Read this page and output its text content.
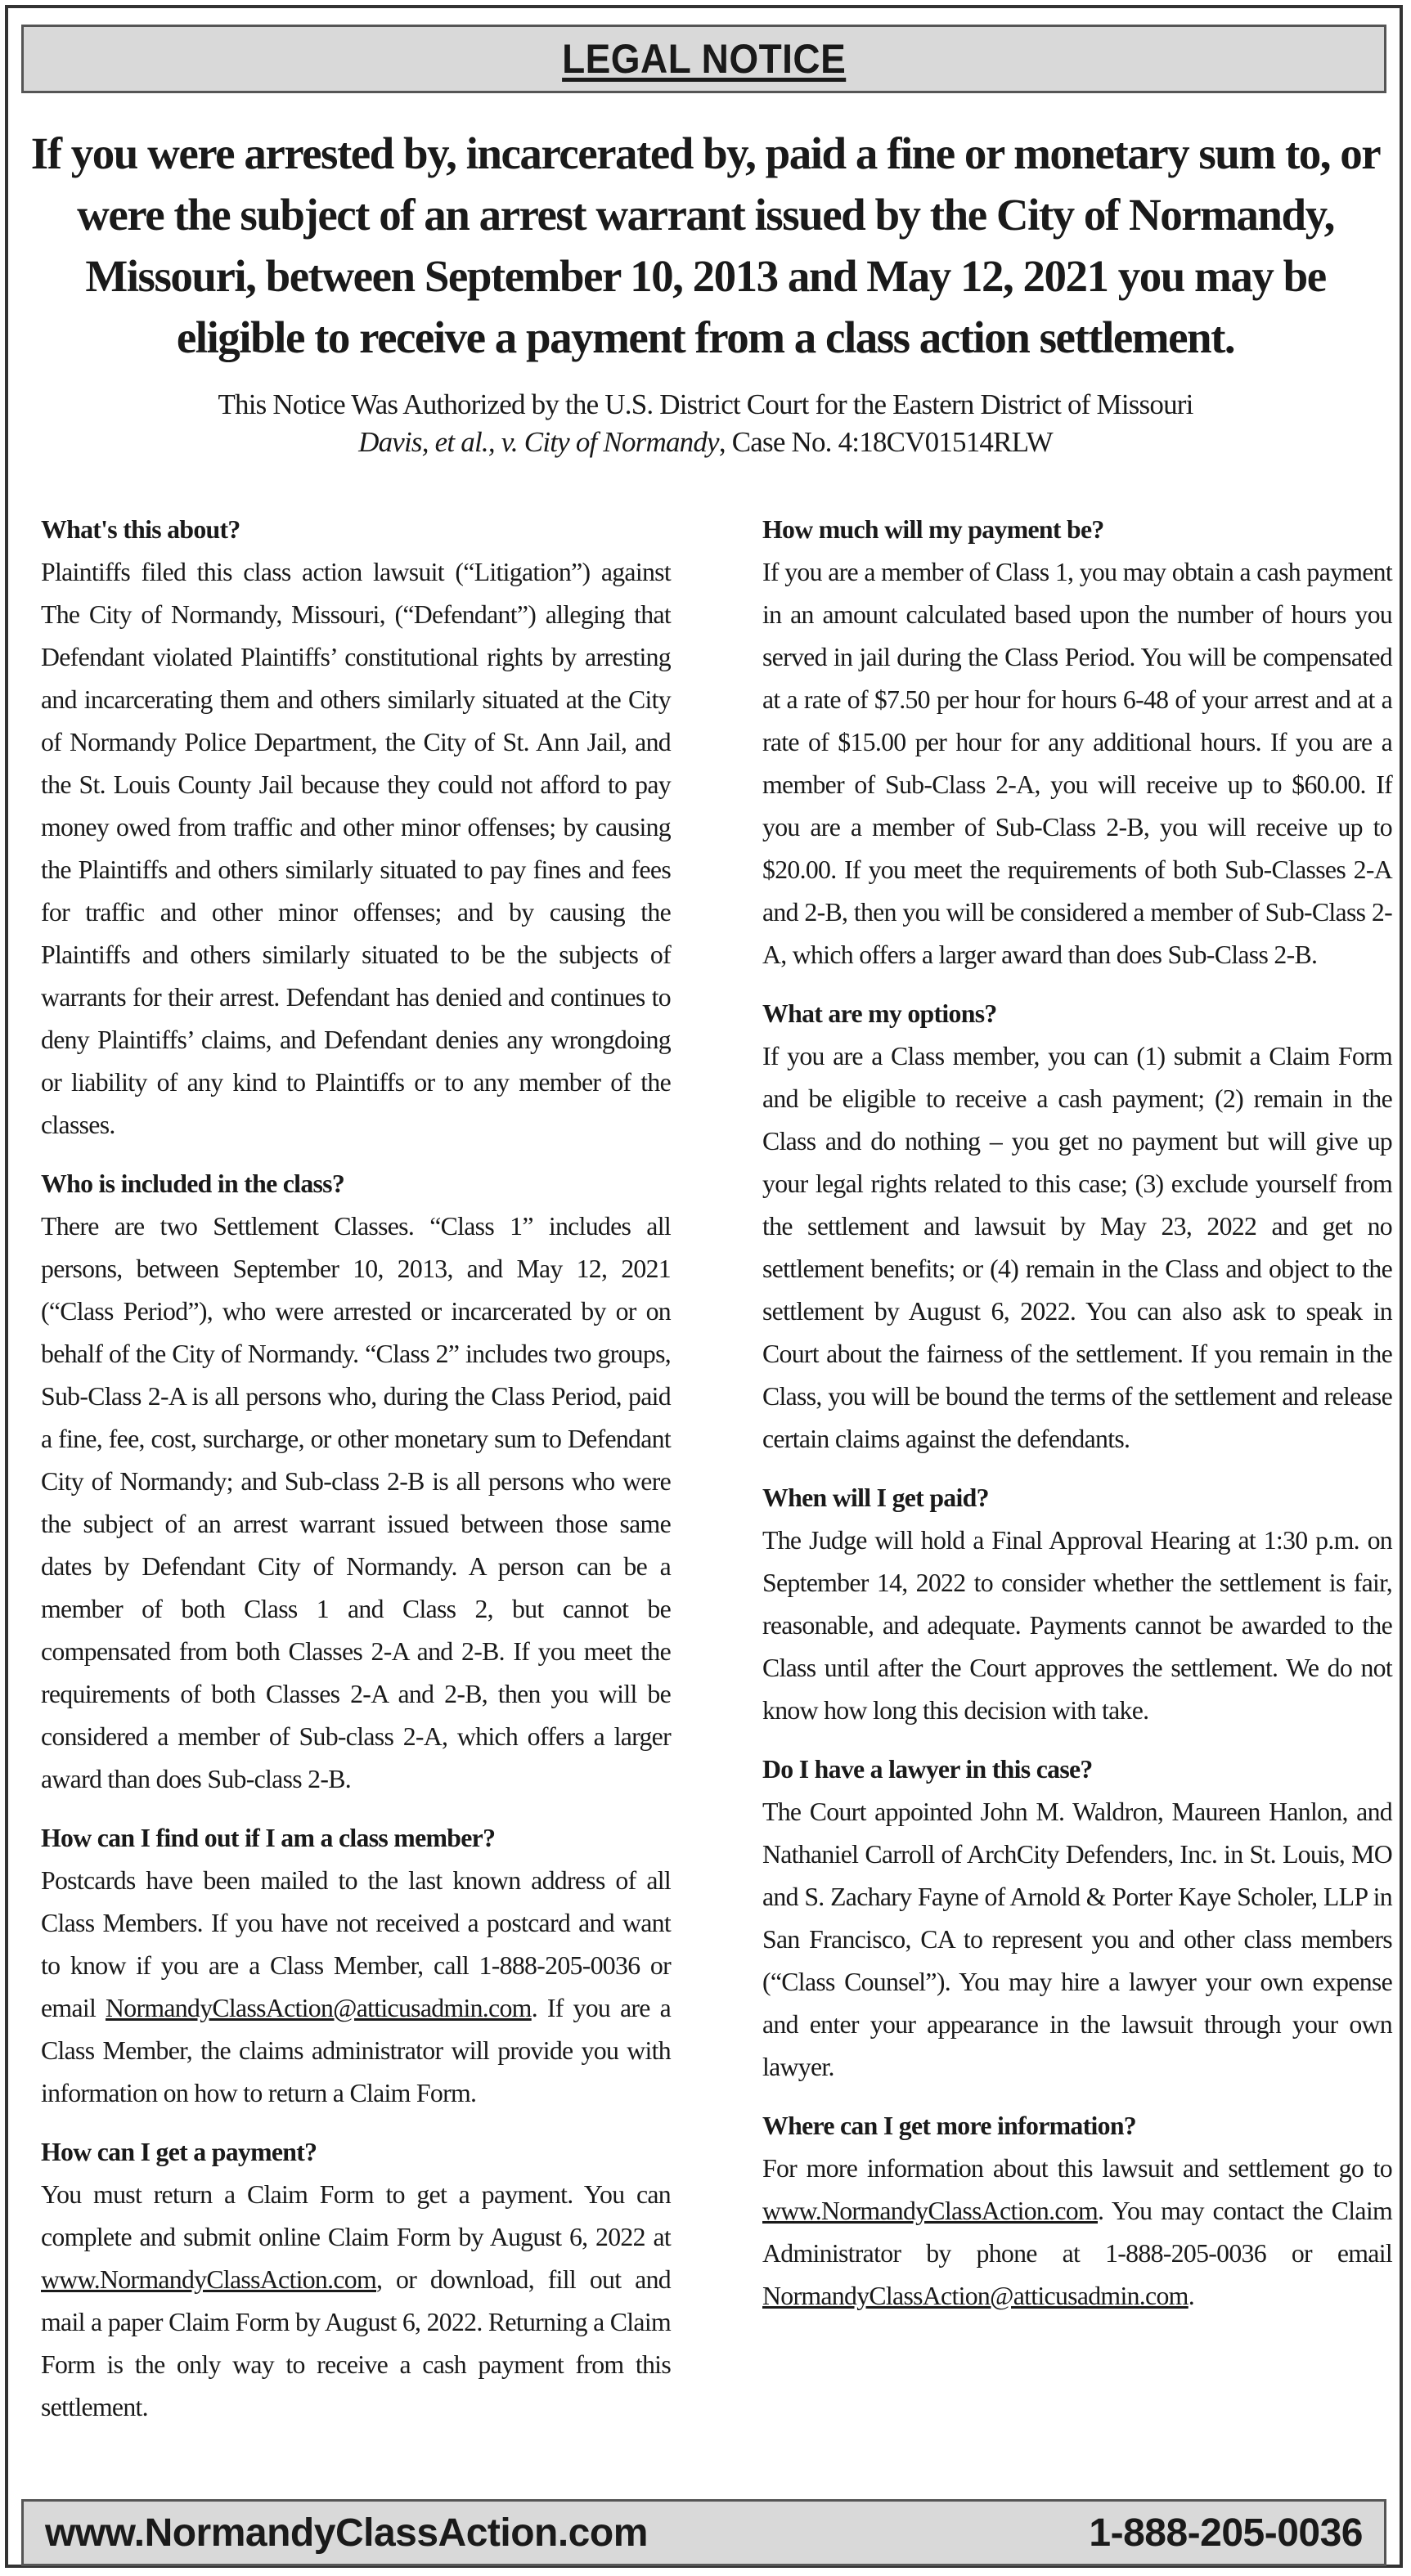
LEGAL NOTICE
If you were arrested by, incarcerated by, paid a fine or monetary sum to, or were the subject of an arrest warrant issued by the City of Normandy, Missouri, between September 10, 2013 and May 12, 2021 you may be eligible to receive a payment from a class action settlement.
This Notice Was Authorized by the U.S. District Court for the Eastern District of Missouri
Davis, et al., v. City of Normandy, Case No. 4:18CV01514RLW
What's this about?

Plaintiffs filed this class action lawsuit (“Litigation”) against The City of Normandy, Missouri, (“Defendant”) alleging that Defendant violated Plaintiffs’ constitutional rights by arresting and incarcerating them and others similarly situated at the City of Normandy Police Department, the City of St. Ann Jail, and the St. Louis County Jail because they could not afford to pay money owed from traffic and other minor offenses; by causing the Plaintiffs and others similarly situated to pay fines and fees for traffic and other minor offenses; and by causing the Plaintiffs and others similarly situated to be the subjects of warrants for their arrest. Defendant has denied and continues to deny Plaintiffs’ claims, and Defendant denies any wrongdoing or liability of any kind to Plaintiffs or to any member of the classes.

Who is included in the class?

There are two Settlement Classes. “Class 1” includes all persons, between September 10, 2013, and May 12, 2021 (“Class Period”), who were arrested or incarcerated by or on behalf of the City of Normandy. “Class 2” includes two groups, Sub-Class 2-A is all persons who, during the Class Period, paid a fine, fee, cost, surcharge, or other monetary sum to Defendant City of Normandy; and Sub-class 2-B is all persons who were the subject of an arrest warrant issued between those same dates by Defendant City of Normandy. A person can be a member of both Class 1 and Class 2, but cannot be compensated from both Classes 2-A and 2-B. If you meet the requirements of both Classes 2-A and 2-B, then you will be considered a member of Sub-class 2-A, which offers a larger award than does Sub-class 2-B.

How can I find out if I am a class member?

Postcards have been mailed to the last known address of all Class Members. If you have not received a postcard and want to know if you are a Class Member, call 1-888-205-0036 or email NormandyClassAction@atticusadmin.com. If you are a Class Member, the claims administrator will provide you with information on how to return a Claim Form.

How can I get a payment?

You must return a Claim Form to get a payment. You can complete and submit online Claim Form by August 6, 2022 at www.NormandyClassAction.com, or download, fill out and mail a paper Claim Form by August 6, 2022. Returning a Claim Form is the only way to receive a cash payment from this settlement.

How much will my payment be?

If you are a member of Class 1, you may obtain a cash payment in an amount calculated based upon the number of hours you served in jail during the Class Period. You will be compensated at a rate of $7.50 per hour for hours 6-48 of your arrest and at a rate of $15.00 per hour for any additional hours. If you are a member of Sub-Class 2-A, you will receive up to $60.00. If you are a member of Sub-Class 2-B, you will receive up to $20.00. If you meet the requirements of both Sub-Classes 2-A and 2-B, then you will be considered a member of Sub-Class 2-A, which offers a larger award than does Sub-Class 2-B.

What are my options?

If you are a Class member, you can (1) submit a Claim Form and be eligible to receive a cash payment; (2) remain in the Class and do nothing – you get no payment but will give up your legal rights related to this case; (3) exclude yourself from the settlement and lawsuit by May 23, 2022 and get no settlement benefits; or (4) remain in the Class and object to the settlement by August 6, 2022. You can also ask to speak in Court about the fairness of the settlement. If you remain in the Class, you will be bound the terms of the settlement and release certain claims against the defendants.

When will I get paid?

The Judge will hold a Final Approval Hearing at 1:30 p.m. on September 14, 2022 to consider whether the settlement is fair, reasonable, and adequate. Payments cannot be awarded to the Class until after the Court approves the settlement. We do not know how long this decision with take.

Do I have a lawyer in this case?

The Court appointed John M. Waldron, Maureen Hanlon, and Nathaniel Carroll of ArchCity Defenders, Inc. in St. Louis, MO and S. Zachary Fayne of Arnold & Porter Kaye Scholer, LLP in San Francisco, CA to represent you and other class members (“Class Counsel”). You may hire a lawyer your own expense and enter your appearance in the lawsuit through your own lawyer.

Where can I get more information?

For more information about this lawsuit and settlement go to www.NormandyClassAction.com. You may contact the Claim Administrator by phone at 1-888-205-0036 or email NormandyClassAction@atticusadmin.com.

www.NormandyClassAction.com	1-888-205-0036
